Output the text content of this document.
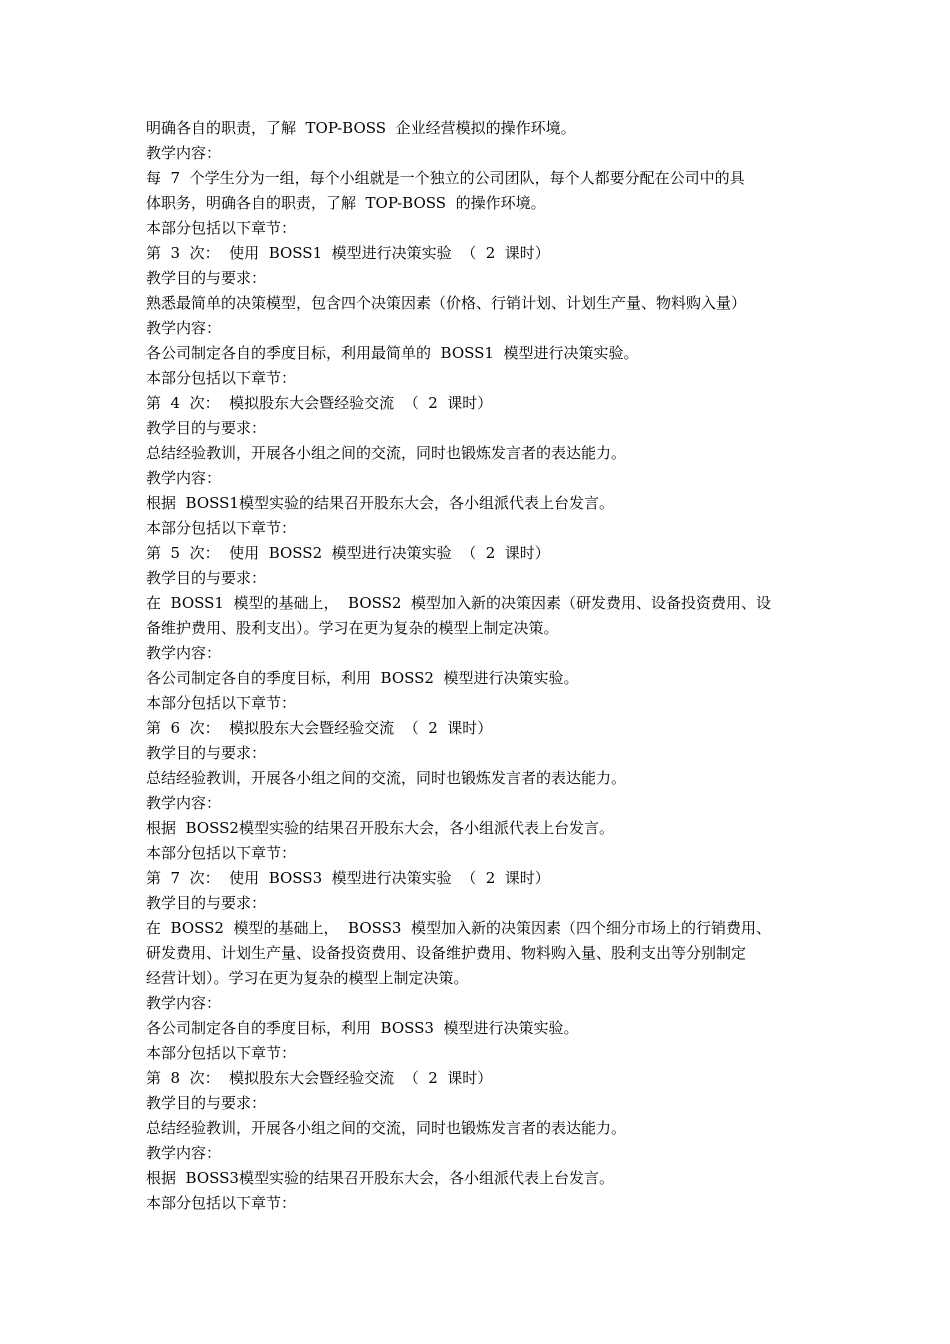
明确各自的职责，了解  TOP-BOSS  企业经营模拟的操作环境。
教学内容：
每  7  个学生分为一组，每个小组就是一个独立的公司团队，每个人都要分配在公司中的具
体职务，明确各自的职责，了解  TOP-BOSS  的操作环境。
本部分包括以下章节：
第  3  次：  使用  BOSS1  模型进行决策实验  （  2  课时）
教学目的与要求：
熟悉最简单的决策模型，包含四个决策因素（价格、行销计划、计划生产量、物料购入量）
教学内容：
各公司制定各自的季度目标，利用最简单的  BOSS1  模型进行决策实验。
本部分包括以下章节：
第  4  次：  模拟股东大会暨经验交流  （  2  课时）
教学目的与要求：
总结经验教训，开展各小组之间的交流，同时也锻炼发言者的表达能力。
教学内容：
根据  BOSS1模型实验的结果召开股东大会，各小组派代表上台发言。
本部分包括以下章节：
第  5  次：  使用  BOSS2  模型进行决策实验  （  2  课时）
教学目的与要求：
在  BOSS1  模型的基础上，  BOSS2  模型加入新的决策因素（研发费用、设备投资费用、设
备维护费用、股利支出）。学习在更为复杂的模型上制定决策。
教学内容：
各公司制定各自的季度目标，利用  BOSS2  模型进行决策实验。
本部分包括以下章节：
第  6  次：  模拟股东大会暨经验交流  （  2  课时）
教学目的与要求：
总结经验教训，开展各小组之间的交流，同时也锻炼发言者的表达能力。
教学内容：
根据  BOSS2模型实验的结果召开股东大会，各小组派代表上台发言。
本部分包括以下章节：
第  7  次：  使用  BOSS3  模型进行决策实验  （  2  课时）
教学目的与要求：
在  BOSS2  模型的基础上，  BOSS3  模型加入新的决策因素（四个细分市场上的行销费用、
研发费用、计划生产量、设备投资费用、设备维护费用、物料购入量、股利支出等分别制定
经营计划）。学习在更为复杂的模型上制定决策。
教学内容：
各公司制定各自的季度目标，利用  BOSS3  模型进行决策实验。
本部分包括以下章节：
第  8  次：  模拟股东大会暨经验交流  （  2  课时）
教学目的与要求：
总结经验教训，开展各小组之间的交流，同时也锻炼发言者的表达能力。
教学内容：
根据  BOSS3模型实验的结果召开股东大会，各小组派代表上台发言。
本部分包括以下章节：
